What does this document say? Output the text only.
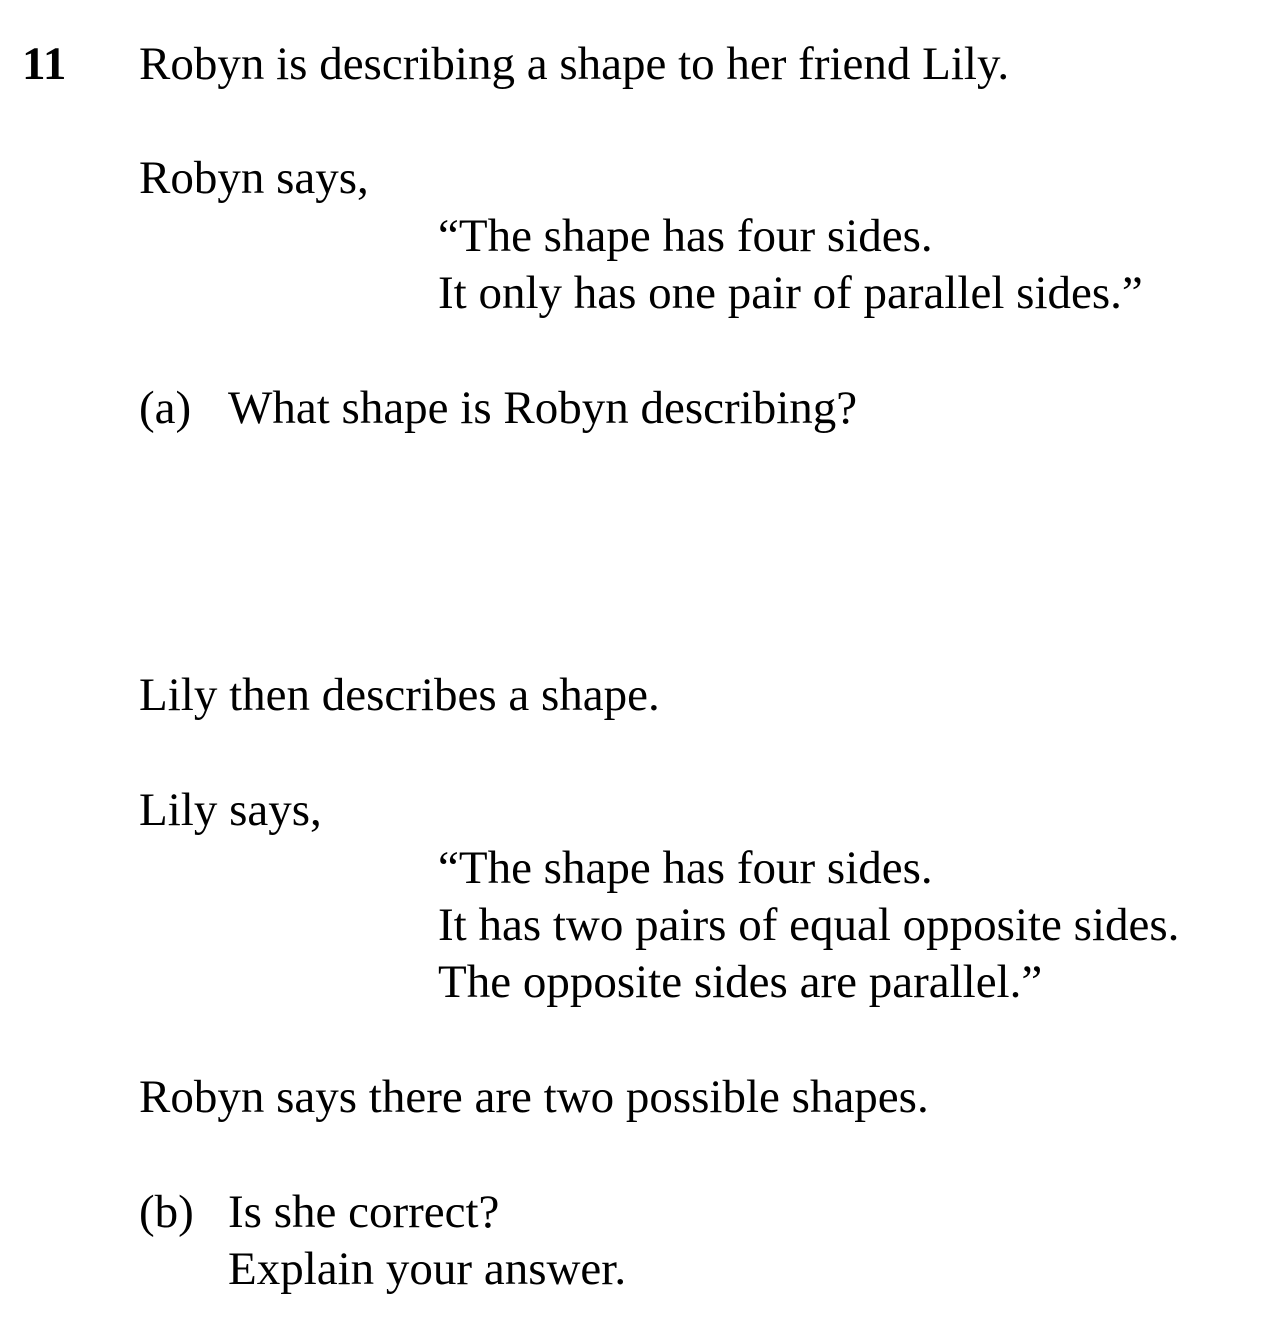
11 Robyn is describing a shape to her friend Lily.
Robyn says,
“The shape has four sides.
It only has one pair of parallel sides.”
(a) What shape is Robyn describing?
Lily then describes a shape.
Lily says,
“The shape has four sides.
It has two pairs of equal opposite sides.
The opposite sides are parallel.”
Robyn says there are two possible shapes.
(b) Is she correct?
Explain your answer.
